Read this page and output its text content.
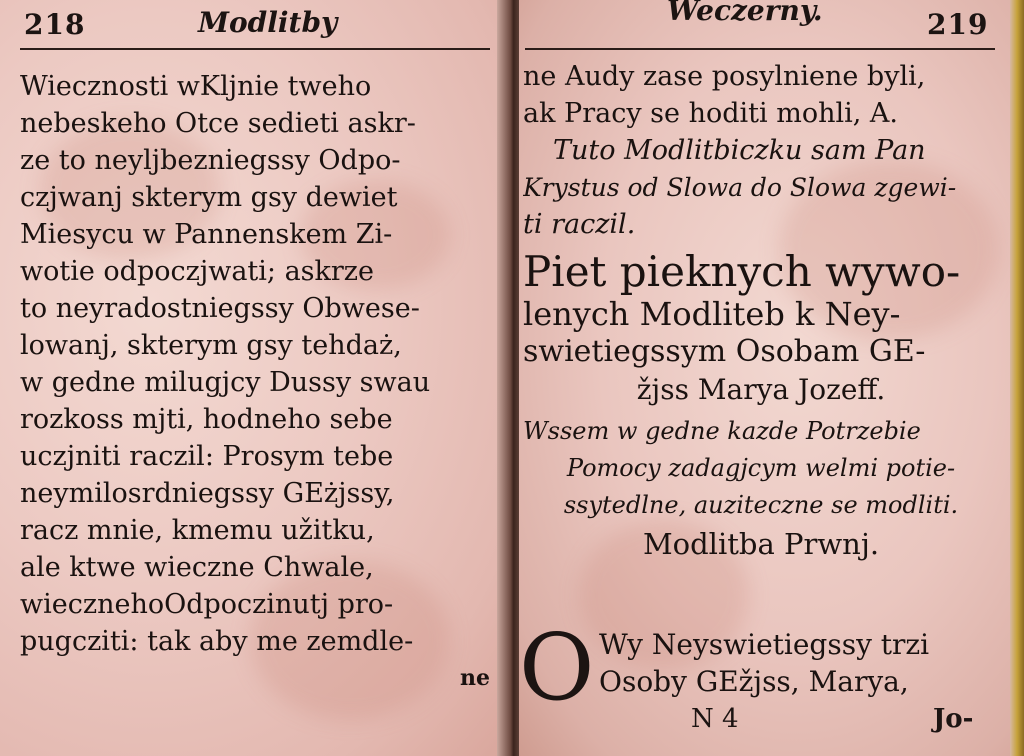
218	Modlitby
Wiecznosti wKljnie tweho
nebeskeho Otce sedieti askr-
ze to neyljbezniegssy Odpo-
czjwanj skterym gsy dewiet
Miesycu w Pannenskem Zi-
wotie odpoczjwati; askrze
to neyradostniegssy Obwese-
lowanj, skterym gsy tehdaż,
w gedne milugjcy Dussy swau
rozkoss mjti, hodneho sebe
uczjniti raczil: Prosym tebe
neymilosrdniegssy GEżjssy,
racz mnie, kmemu užitku,
ale ktwe wieczne Chwale,
wiecznehoOdpoczinutj pro-
pugcziti: tak aby me zemdle-
ne
Weczerny.	219
ne Audy zase posylniene byli,
ak Pracy se hoditi mohli, A.
Tuto Modlitbiczku sam Pan
Krystus od Slowa do Slowa zgewi-
ti raczil.
Piet pieknych wywo-
lenych Modliteb k Ney-
swietiegssym Osobam GE-
žjss Marya Jozeff.
Wssem w gedne kazde Potrzebie
Pomocy zadagjcym welmi potie-
ssytedlne, auziteczne se modliti.
Modlitba Prwnj.
O Wy Neyswietiegssy trzi
Osoby GEžjss, Marya,
N 4	Jo-
